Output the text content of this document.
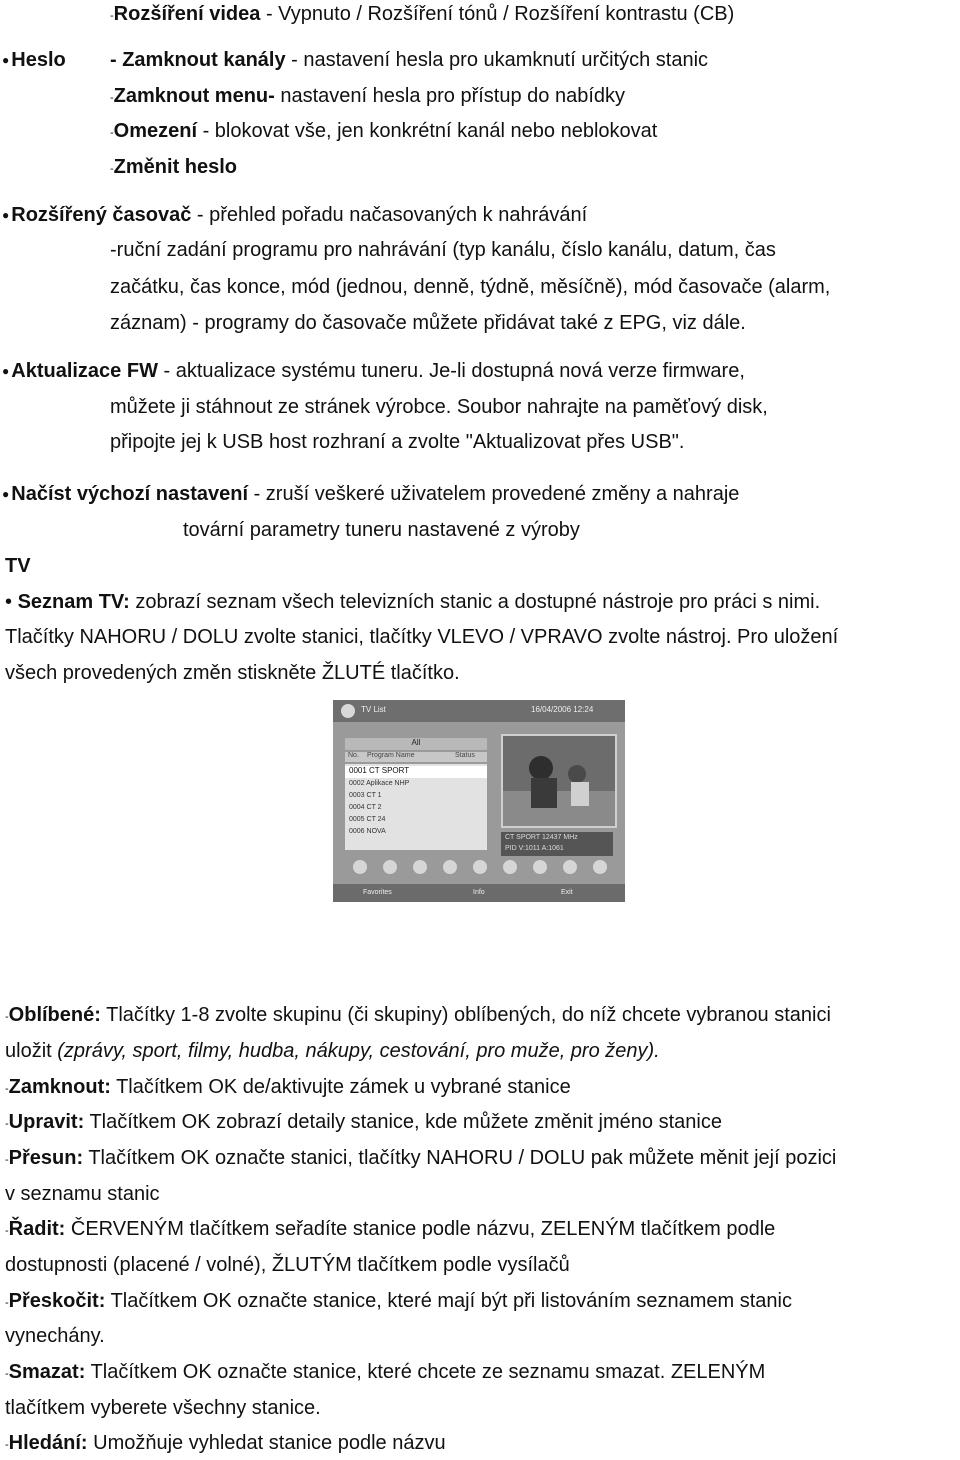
-Rozšíření videa - Vypnuto / Rozšíření tónů / Rozšíření kontrastu (CB)
● Heslo - Zamknout kanály - nastavení hesla pro ukamknutí určitých stanic
-Zamknout menu- nastavení hesla pro přístup do nabídky
-Omezení - blokovat vše, jen konkrétní kanál nebo neblokovat
-Změnit heslo
● Rozšířený časovač - přehled pořadu načasovaných k nahrávání
-ruční zadání programu pro nahrávání (typ kanálu, číslo kanálu, datum, čas
začátku, čas konce, mód (jednou, denně, týdně, měsíčně), mód časovače (alarm,
záznam) - programy do časovače můžete přidávat také z EPG, viz dále.
● Aktualizace FW - aktualizace systému tuneru. Je-li dostupná nová verze firmware,
můžete ji stáhnout ze stránek výrobce. Soubor nahrajte na paměťový disk,
připojte jej k USB host rozhraní a zvolte "Aktualizovat přes USB".
● Načíst výchozí nastavení - zruší veškeré uživatelem provedené změny a nahraje
tovární parametry tuneru nastavené z výroby
TV
• Seznam TV: zobrazí seznam všech televizních stanic a dostupné nástroje pro práci s nimi.
Tlačítky NAHORU / DOLU zvolte stanici, tlačítky VLEVO / VPRAVO zvolte nástroj. Pro uložení
všech provedených změn stiskněte ŽLUTÉ tlačítko.
TV List	16/04/2006 12:24
All
No. Program Name	Status
0001 CT SPORT
0002 Aplikace NHP
0003 CT 1
0004 CT 2
0005 CT 24
0006 NOVA
CT SPORT 12437 MHz
PID V:1011 A:1061
Favorites	Info	Exit
-Oblíbené: Tlačítky 1-8 zvolte skupinu (či skupiny) oblíbených, do níž chcete vybranou stanici
uložit (zprávy, sport, filmy, hudba, nákupy, cestování, pro muže, pro ženy).
-Zamknout: Tlačítkem OK de/aktivujte zámek u vybrané stanice
-Upravit: Tlačítkem OK zobrazí detaily stanice, kde můžete změnit jméno stanice
-Přesun: Tlačítkem OK označte stanici, tlačítky NAHORU / DOLU pak můžete měnit její pozici
v seznamu stanic
-Řadit: ČERVENÝM tlačítkem seřadíte stanice podle názvu, ZELENÝM tlačítkem podle
dostupnosti (placené / volné), ŽLUTÝM tlačítkem podle vysílačů
-Přeskočit: Tlačítkem OK označte stanice, které mají být při listováním seznamem stanic
vynechány.
-Smazat: Tlačítkem OK označte stanice, které chcete ze seznamu smazat. ZELENÝM
tlačítkem vyberete všechny stanice.
-Hledání: Umožňuje vyhledat stanice podle názvu
